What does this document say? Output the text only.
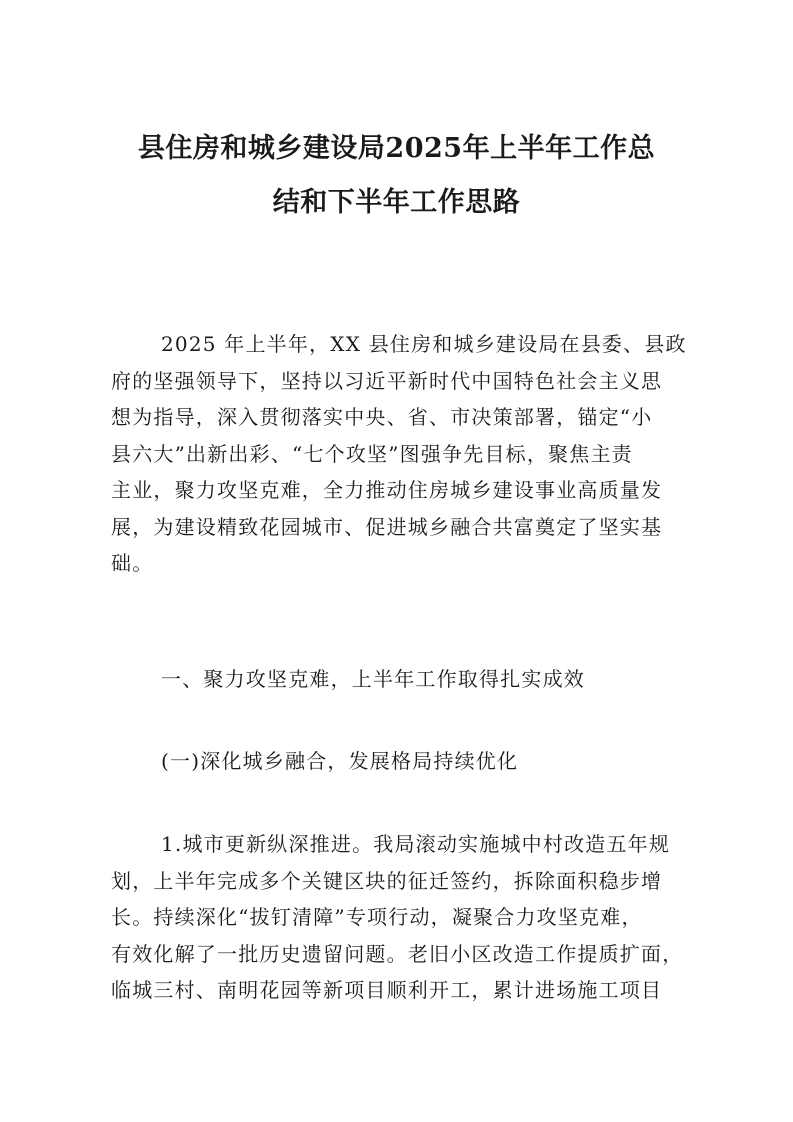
县住房和城乡建设局2025年上半年工作总
结和下半年工作思路
2025 年上半年，XX 县住房和城乡建设局在县委、县政
府的坚强领导下，坚持以习近平新时代中国特色社会主义思
想为指导，深入贯彻落实中央、省、市决策部署，锚定“小
县六大”出新出彩、“七个攻坚”图强争先目标，聚焦主责
主业，聚力攻坚克难，全力推动住房城乡建设事业高质量发
展，为建设精致花园城市、促进城乡融合共富奠定了坚实基
础。
一、聚力攻坚克难，上半年工作取得扎实成效
(一)深化城乡融合，发展格局持续优化
1.城市更新纵深推进。我局滚动实施城中村改造五年规
划，上半年完成多个关键区块的征迁签约，拆除面积稳步增
长。持续深化“拔钉清障”专项行动，凝聚合力攻坚克难，
有效化解了一批历史遗留问题。老旧小区改造工作提质扩面，
临城三村、南明花园等新项目顺利开工，累计进场施工项目
